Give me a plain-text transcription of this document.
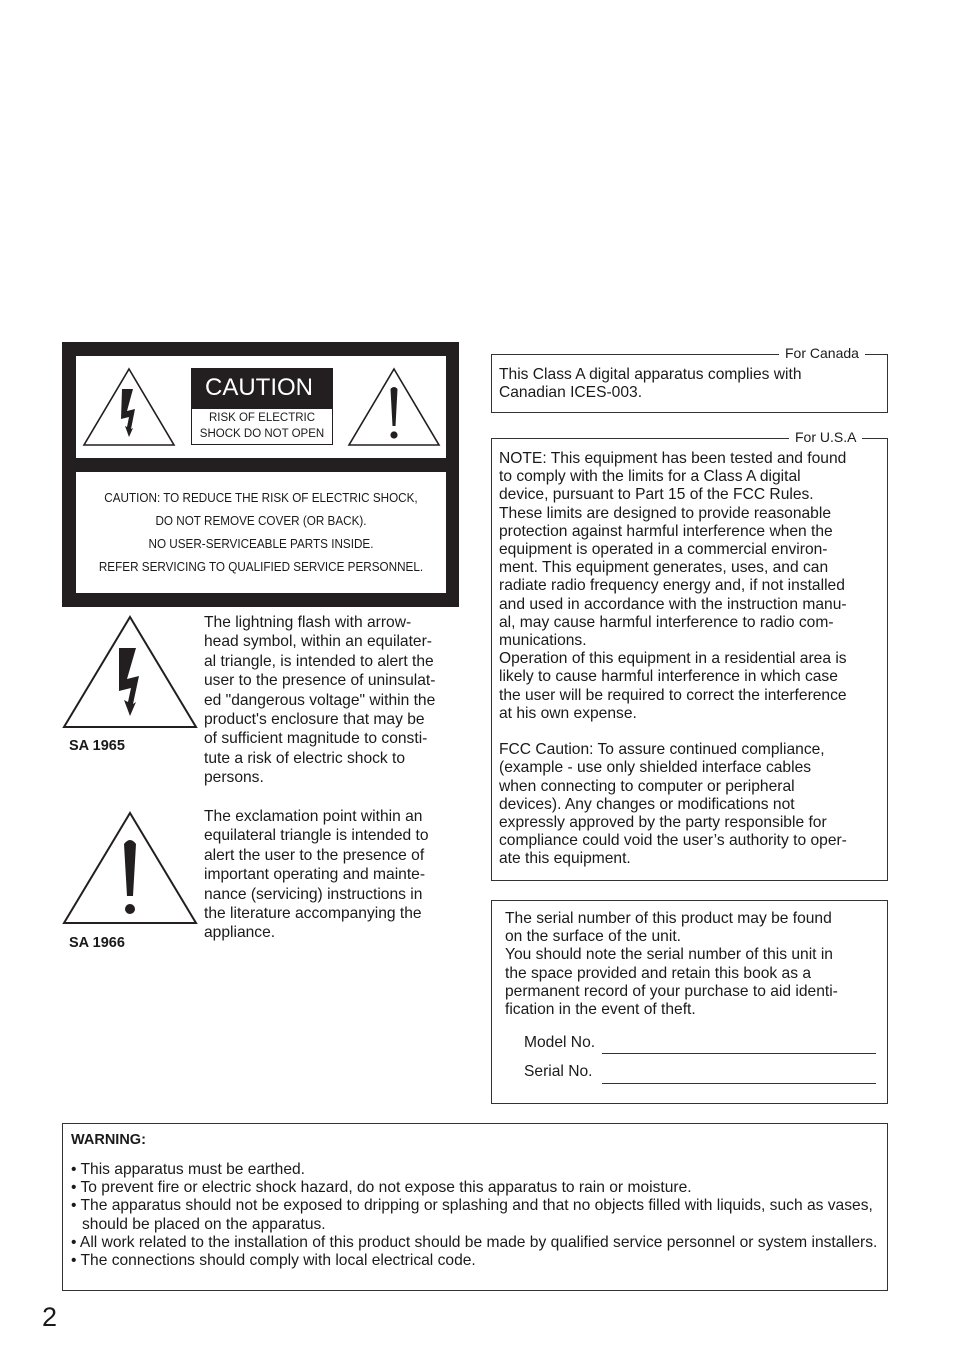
CAUTION
RISK OF ELECTRIC
SHOCK DO NOT OPEN
CAUTION: TO REDUCE THE RISK OF ELECTRIC SHOCK,
DO NOT REMOVE COVER (OR BACK).
NO USER-SERVICEABLE PARTS INSIDE.
REFER SERVICING TO QUALIFIED SERVICE PERSONNEL.
SA 1965
The lightning flash with arrow-
head symbol, within an equilater-
al triangle, is intended to alert the
user to the presence of uninsulat-
ed "dangerous voltage" within the
product's enclosure that may be
of sufficient magnitude to consti-
tute a risk of electric shock to
persons.
SA 1966
The exclamation point within an
equilateral triangle is intended to
alert the user to the presence of
important operating and mainte-
nance (servicing) instructions in
the literature accompanying the
appliance.
For Canada
This Class A digital apparatus complies with
Canadian ICES-003.
For U.S.A
NOTE: This equipment has been tested and found
to comply with the limits for a Class A digital
device, pursuant to Part 15 of the FCC Rules.
These limits are designed to provide reasonable
protection against harmful interference when the
equipment is operated in a commercial environ-
ment. This equipment generates, uses, and can
radiate radio frequency energy and, if not installed
and used in accordance with the instruction manu-
al, may cause harmful interference to radio com-
munications.
Operation of this equipment in a residential area is
likely to cause harmful interference in which case
the user will be required to correct the interference
at his own expense.
FCC Caution: To assure continued compliance,
(example - use only shielded interface cables
when connecting to computer or peripheral
devices). Any changes or modifications not
expressly approved by the party responsible for
compliance could void the user’s authority to oper-
ate this equipment.
The serial number of this product may be found
on the surface of the unit.
You should note the serial number of this unit in
the space provided and retain this book as a
permanent record of your purchase to aid identi-
fication in the event of theft.
Model No.
Serial No.
WARNING:
• This apparatus must be earthed.
• To prevent fire or electric shock hazard, do not expose this apparatus to rain or moisture.
• The apparatus should not be exposed to dripping or splashing and that no objects filled with liquids, such as vases, should be placed on the apparatus.
• All work related to the installation of this product should be made by qualified service personnel or system installers.
• The connections should comply with local electrical code.
2
